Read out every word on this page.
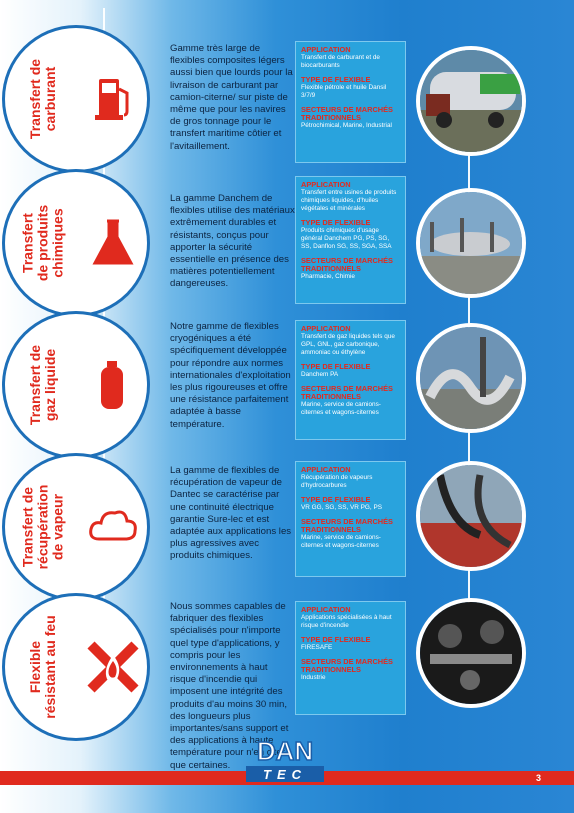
Transfert de
carburant
Gamme très large de flexibles composites légers aussi bien que lourds pour la livraison de carburant par camion-citerne/ sur piste de même que pour les navires de gros tonnage pour le transfert maritime côtier et l'avitaillement.
APPLICATION
Transfert de carburant et de biocarburants
TYPE DE FLEXIBLE
Flexible pétrole et huile Dansil 3/7/9
SECTEURS DE MARCHÉS TRADITIONNELS
Pétrochimical, Marine, Industrial
Transfert
de produits
chimiques
La gamme Danchem de flexibles utilise des matériaux extrêmement durables et résistants, conçus pour apporter la sécurité essentielle en présence des matières potentiellement dangereuses.
APPLICATION
Transfert entre usines de produits chimiques liquides, d'huiles végétales et minérales
TYPE DE FLEXIBLE
Produits chimiques d'usage général Danchem PG, PS, SG, SS, Danflon SG, SS, SGA, SSA
SECTEURS DE MARCHÉS TRADITIONNELS
Pharmacie, Chimie
Transfert de
gaz liquide
Notre gamme de flexibles cryogéniques a été spécifiquement développée pour répondre aux normes internationales d'exploitation les plus rigoureuses et offre une résistance parfaitement adaptée à basse température.
APPLICATION
Transfert de gaz liquides tels que GPL, GNL, gaz carbonique, ammoniac ou éthylène
TYPE DE FLEXIBLE
Danchem PA
SECTEURS DE MARCHÉS TRADITIONNELS
Marine, service de camions-citernes et wagons-citernes
Transfert de
récupération
de vapeur
La gamme de flexibles de récupération de vapeur de Dantec se caractérise par une continuité électrique garantie Sure-lec et est adaptée aux applications les plus agressives avec produits chimiques.
APPLICATION
Récupération de vapeurs d'hydrocarbures
TYPE DE FLEXIBLE
VR GG, SG, SS, VR PG, PS
SECTEURS DE MARCHÉS TRADITIONNELS
Marine, service de camions-citernes et wagons-citernes
Flexible
résistant au feu
Nous sommes capables de fabriquer des flexibles spécialisés pour n'importe quel type d'applications, y compris pour les environnements à haut risque d'incendie qui imposent une intégrité des produits d'au moins 30 min, des longueurs plus importantes/sans support et des applications à haute température pour n'en citer que certaines.
APPLICATION
Applications spécialisées à haut risque d'incendie
TYPE DE FLEXIBLE
FIRESAFE
SECTEURS DE MARCHÉS TRADITIONNELS
Industrie
DAN
TEC	3
